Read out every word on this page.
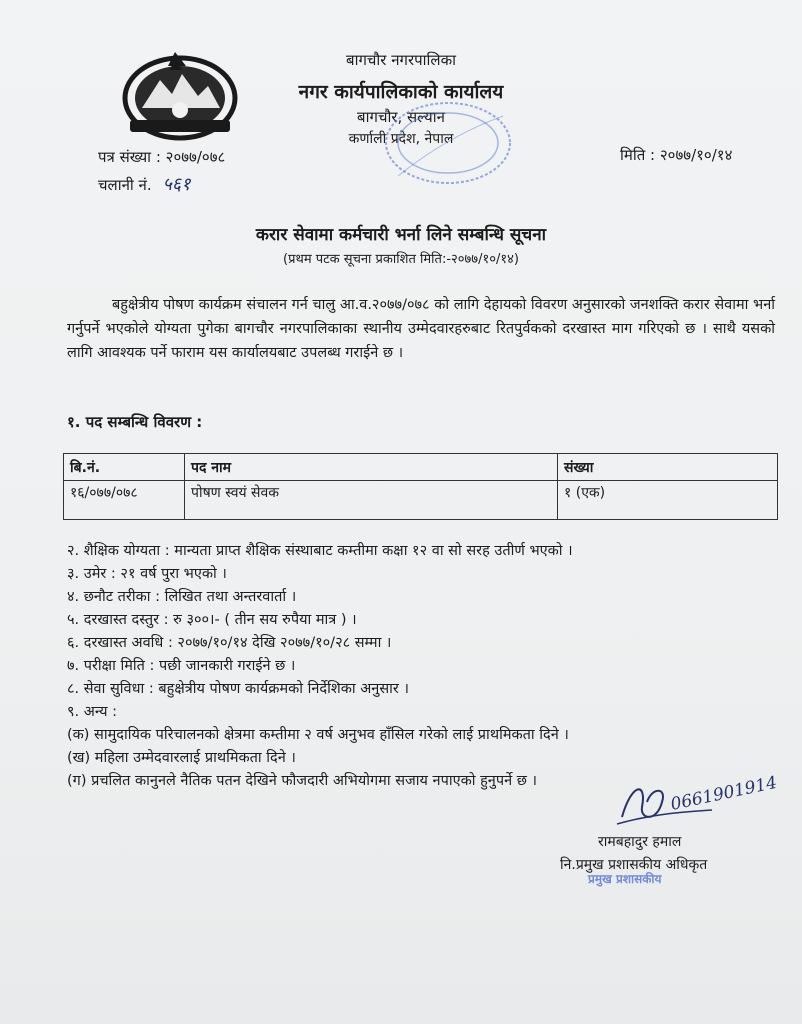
बागचौर नगरपालिका
नगर कार्यपालिकाको कार्यालय
बागचौर, सल्यान
कर्णाली प्रदेश, नेपाल
पत्र संख्या : २०७७/०७८	मिति : २०७७/१०/१४
चलानी नं. ५६१
करार सेवामा कर्मचारी भर्ना लिने सम्बन्धि सूचना
(प्रथम पटक सूचना प्रकाशित मिति:-२०७७/१०/१४)
बहुक्षेत्रीय पोषण कार्यक्रम संचालन गर्न चालु आ.व.२०७७/०७८ को लागि देहायको विवरण अनुसारको जनशक्ति करार सेवामा भर्ना गर्नुपर्ने भएकोले योग्यता पुगेका बागचौर नगरपालिकाका स्थानीय उम्मेदवारहरुबाट रितपुर्वकको दरखास्त माग गरिएको छ । साथै यसको लागि आवश्यक पर्ने फाराम यस कार्यालयबाट उपलब्ध गराईने छ ।
१. पद सम्बन्धि विवरण :
बि.नं.	पद नाम	संख्या
१६/०७७/०७८	पोषण स्वयं सेवक	१ (एक)
२. शैक्षिक योग्यता : मान्यता प्राप्त शैक्षिक संस्थाबाट कम्तीमा कक्षा १२ वा सो सरह उतीर्ण भएको ।
३. उमेर : २१ वर्ष पुरा भएको ।
४. छनौट तरीका : लिखित तथा अन्तरवार्ता ।
५. दरखास्त दस्तुर : रु ३००।- ( तीन सय रुपैया मात्र ) ।
६. दरखास्त अवधि : २०७७/१०/१४ देखि २०७७/१०/२८ सम्मा ।
७. परीक्षा मिति : पछी जानकारी गराईने छ ।
८. सेवा सुविधा : बहुक्षेत्रीय पोषण कार्यक्रमको निर्देशिका अनुसार ।
९. अन्य :
(क) सामुदायिक परिचालनको क्षेत्रमा कम्तीमा २ वर्ष अनुभव हाँसिल गरेको लाई प्राथमिकता दिने ।
(ख) महिला उम्मेदवारलाई प्राथमिकता दिने ।
(ग) प्रचलित कानुनले नैतिक पतन देखिने फौजदारी अभियोगमा सजाय नपाएको हुनुपर्ने छ ।	0661901914
रामबहादुर हमाल
नि.प्रमुख प्रशासकीय अधिकृत
प्रमुख प्रशासकीय
